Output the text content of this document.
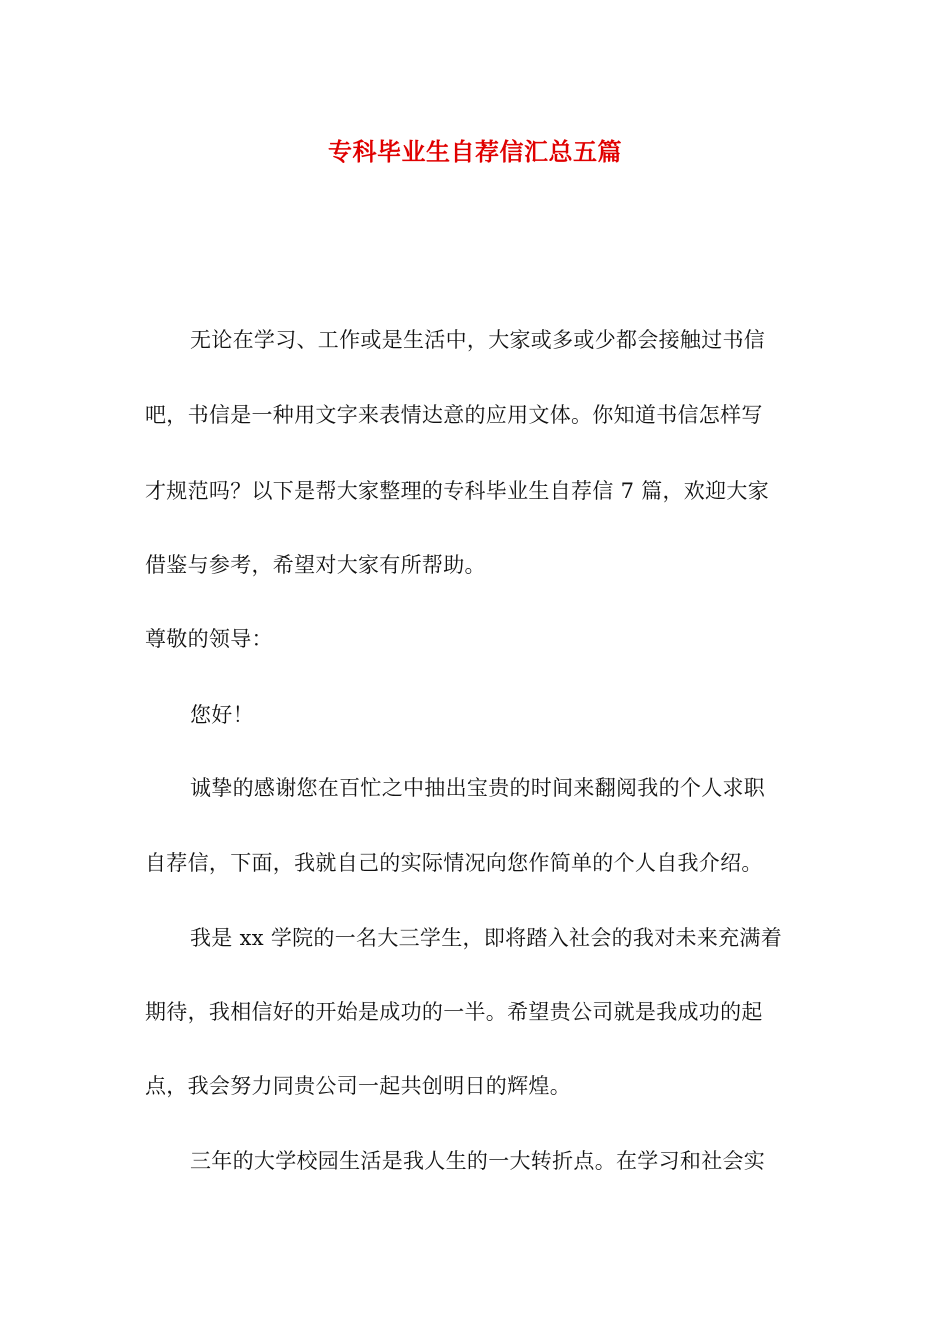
专科毕业生自荐信汇总五篇
无论在学习、工作或是生活中，大家或多或少都会接触过书信
吧，书信是一种用文字来表情达意的应用文体。你知道书信怎样写
才规范吗？以下是帮大家整理的专科毕业生自荐信 7 篇，欢迎大家
借鉴与参考，希望对大家有所帮助。
尊敬的领导：
您好！
诚挚的感谢您在百忙之中抽出宝贵的时间来翻阅我的个人求职
自荐信，下面，我就自己的实际情况向您作简单的个人自我介绍。
我是 xx 学院的一名大三学生，即将踏入社会的我对未来充满着
期待，我相信好的开始是成功的一半。希望贵公司就是我成功的起
点，我会努力同贵公司一起共创明日的辉煌。
三年的大学校园生活是我人生的一大转折点。在学习和社会实
